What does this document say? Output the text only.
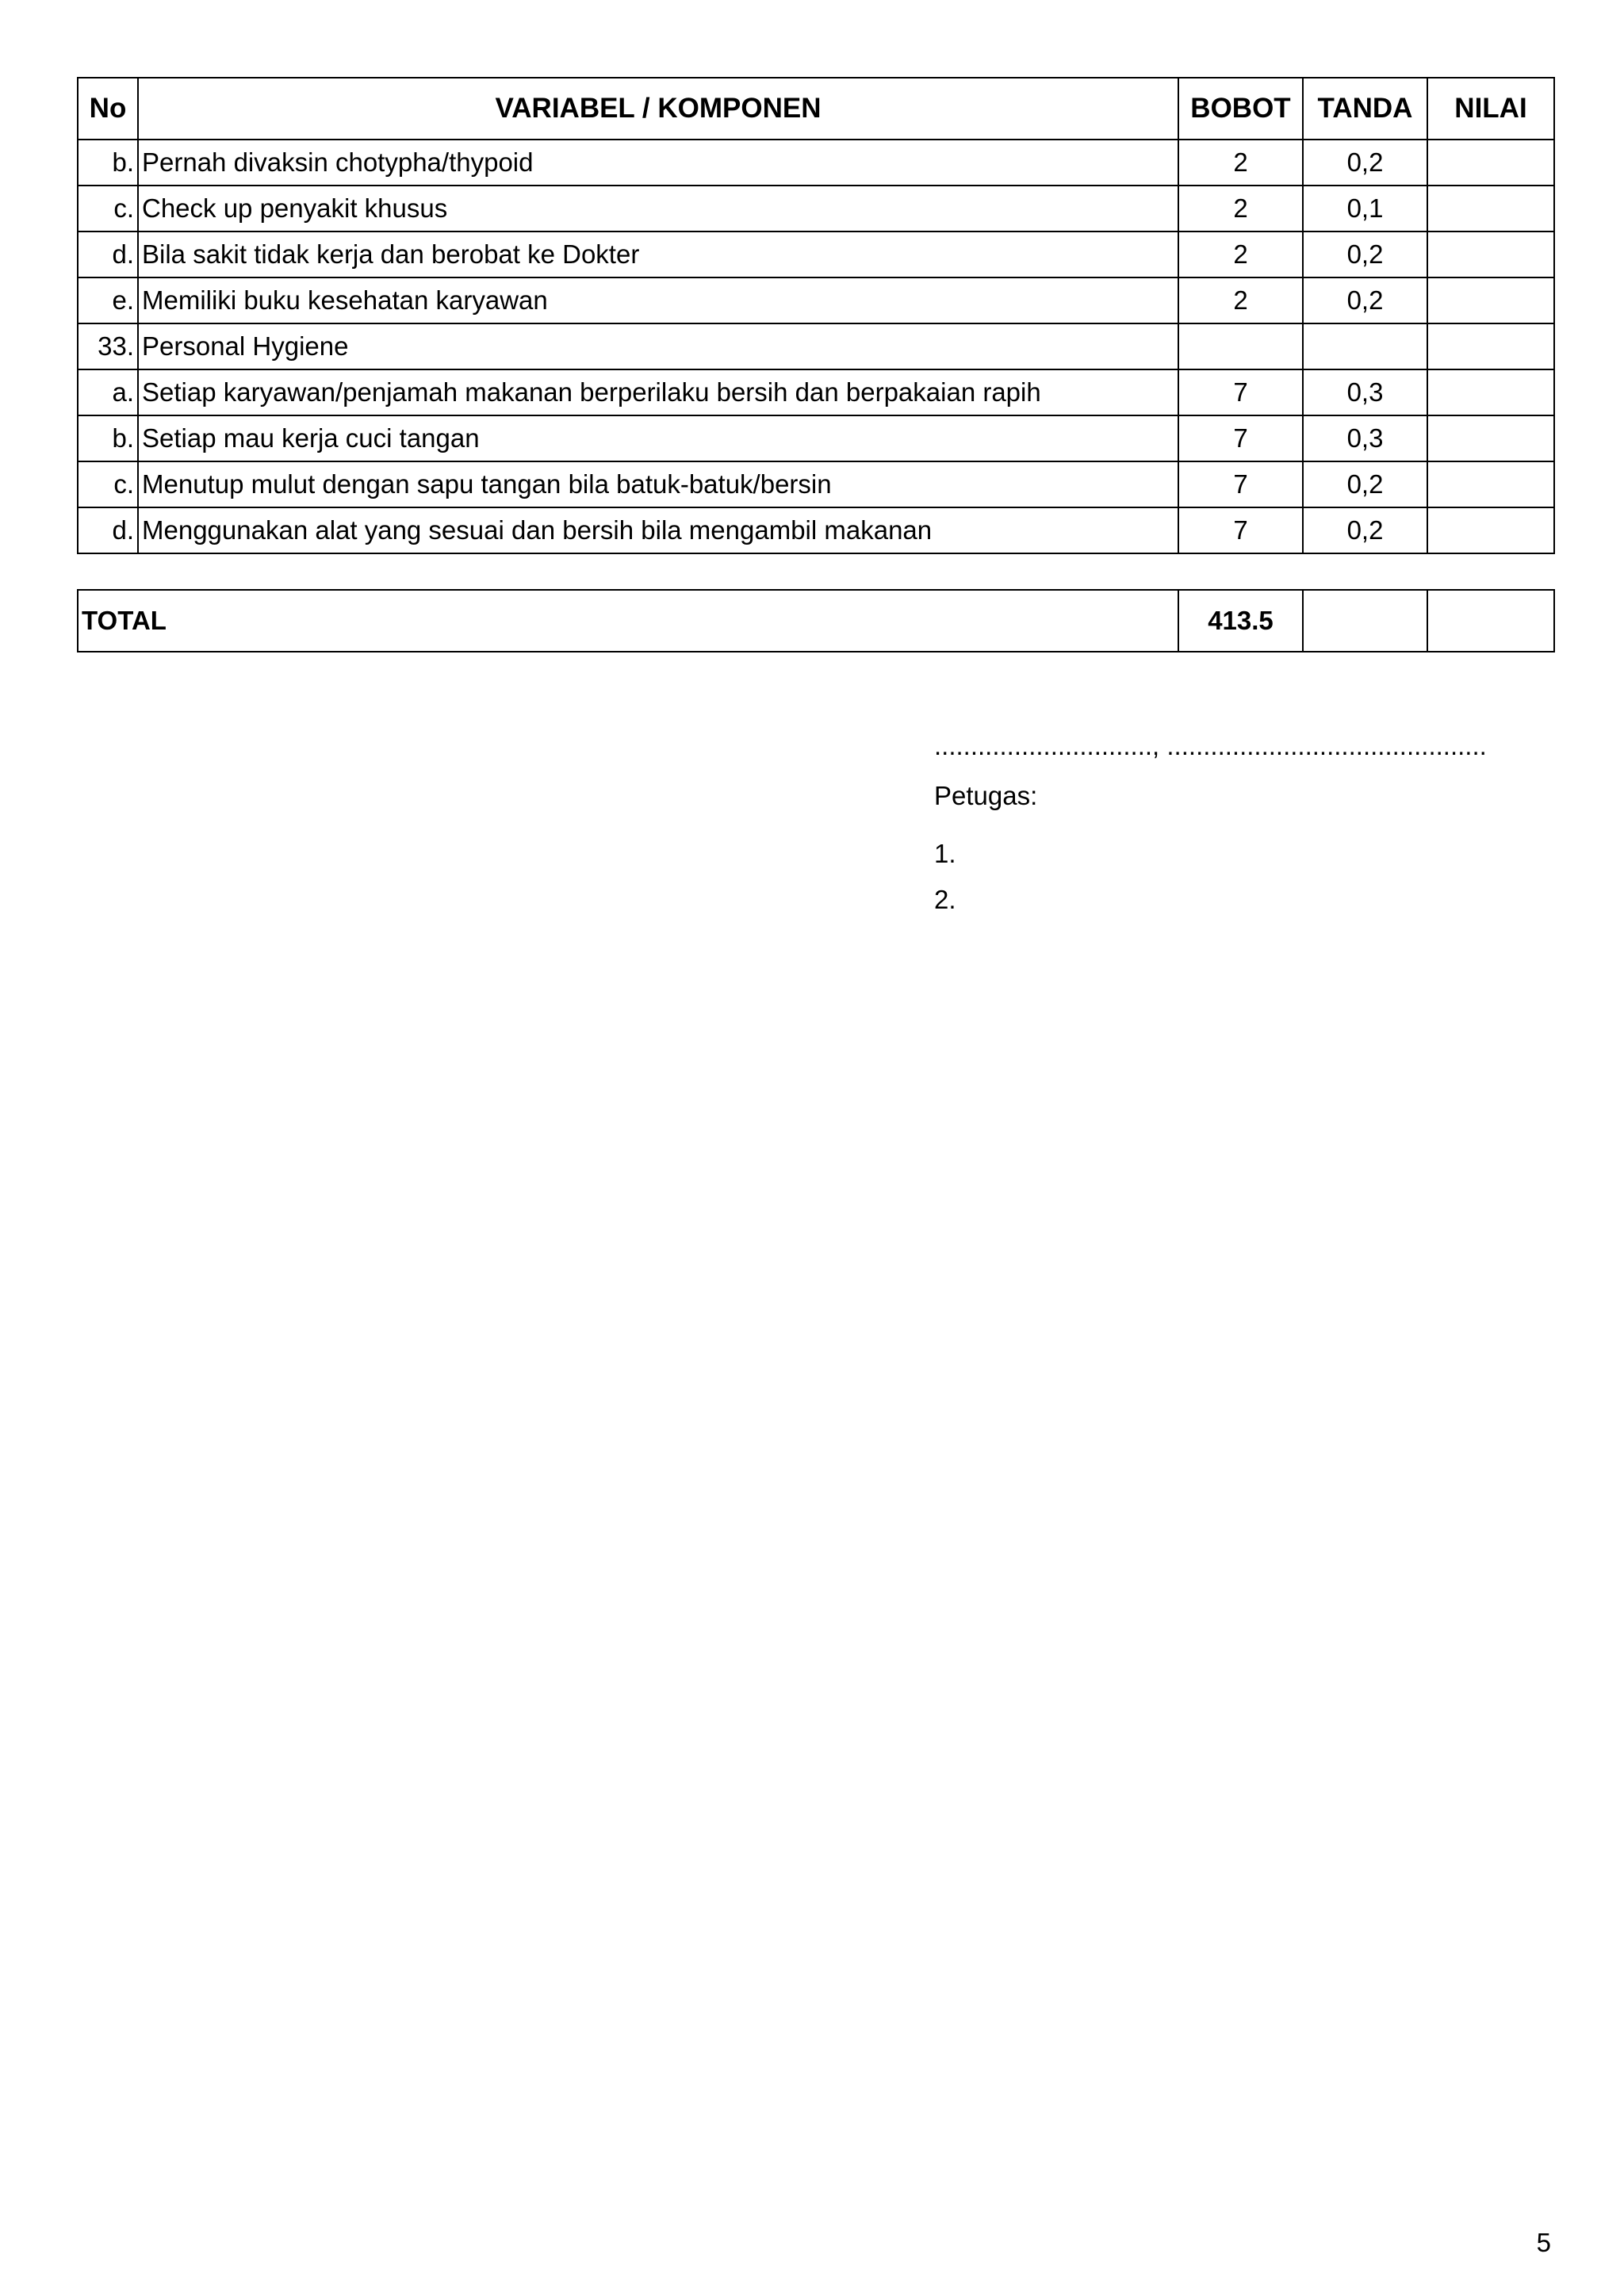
No	VARIABEL / KOMPONEN	BOBOT	TANDA	NILAI
b.	Pernah divaksin chotypha/thypoid	2	0,2	
c.	Check up penyakit khusus	2	0,1	
d.	Bila sakit tidak kerja dan berobat ke Dokter	2	0,2	
e.	Memiliki buku kesehatan karyawan	2	0,2	
33.	Personal Hygiene			
a.	Setiap karyawan/penjamah makanan berperilaku bersih dan berpakaian rapih	7	0,3	
b.	Setiap mau kerja cuci tangan	7	0,3	
c.	Menutup mulut dengan sapu tangan bila batuk-batuk/bersin	7	0,2	
d.	Menggunakan alat yang sesuai dan bersih bila mengambil makanan	7	0,2	
TOTAL	413.5		
.............................., ............................................
Petugas:
1.
2.
5
